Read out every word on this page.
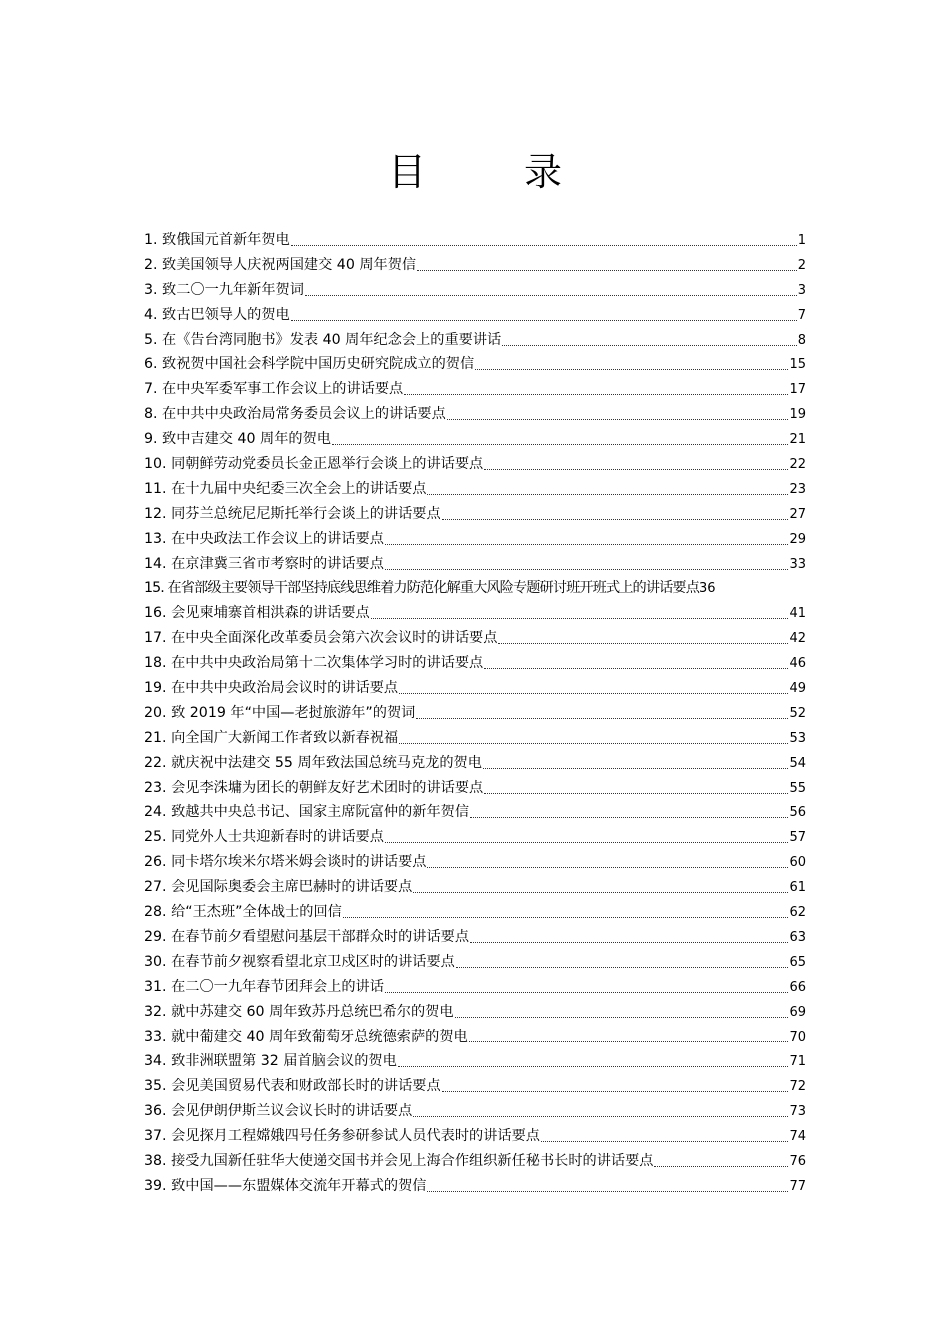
目　录
1. 致俄国元首新年贺电	1
2. 致美国领导人庆祝两国建交 40 周年贺信	2
3. 致二〇一九年新年贺词	3
4. 致古巴领导人的贺电	7
5. 在《告台湾同胞书》发表 40 周年纪念会上的重要讲话	8
6. 致祝贺中国社会科学院中国历史研究院成立的贺信	15
7. 在中央军委军事工作会议上的讲话要点	17
8. 在中共中央政治局常务委员会议上的讲话要点	19
9. 致中吉建交 40 周年的贺电	21
10. 同朝鲜劳动党委员长金正恩举行会谈上的讲话要点	22
11. 在十九届中央纪委三次全会上的讲话要点	23
12. 同芬兰总统尼尼斯托举行会谈上的讲话要点	27
13. 在中央政法工作会议上的讲话要点	29
14. 在京津冀三省市考察时的讲话要点	33
15. 在省部级主要领导干部坚持底线思维着力防范化解重大风险专题研讨班开班式上的讲话要点 36
16. 会见柬埔寨首相洪森的讲话要点	41
17. 在中央全面深化改革委员会第六次会议时的讲话要点	42
18. 在中共中央政治局第十二次集体学习时的讲话要点	46
19. 在中共中央政治局会议时的讲话要点	49
20. 致 2019 年“中国—老挝旅游年”的贺词	52
21. 向全国广大新闻工作者致以新春祝福	53
22. 就庆祝中法建交 55 周年致法国总统马克龙的贺电	54
23. 会见李洙墉为团长的朝鲜友好艺术团时的讲话要点	55
24. 致越共中央总书记、国家主席阮富仲的新年贺信	56
25. 同党外人士共迎新春时的讲话要点	57
26. 同卡塔尔埃米尔塔米姆会谈时的讲话要点	60
27. 会见国际奥委会主席巴赫时的讲话要点	61
28. 给“王杰班”全体战士的回信	62
29. 在春节前夕看望慰问基层干部群众时的讲话要点	63
30. 在春节前夕视察看望北京卫戍区时的讲话要点	65
31. 在二〇一九年春节团拜会上的讲话	66
32. 就中苏建交 60 周年致苏丹总统巴希尔的贺电	69
33. 就中葡建交 40 周年致葡萄牙总统德索萨的贺电	70
34. 致非洲联盟第 32 届首脑会议的贺电	71
35. 会见美国贸易代表和财政部长时的讲话要点	72
36. 会见伊朗伊斯兰议会议长时的讲话要点	73
37. 会见探月工程嫦娥四号任务参研参试人员代表时的讲话要点	74
38. 接受九国新任驻华大使递交国书并会见上海合作组织新任秘书长时的讲话要点	76
39. 致中国——东盟媒体交流年开幕式的贺信	77
